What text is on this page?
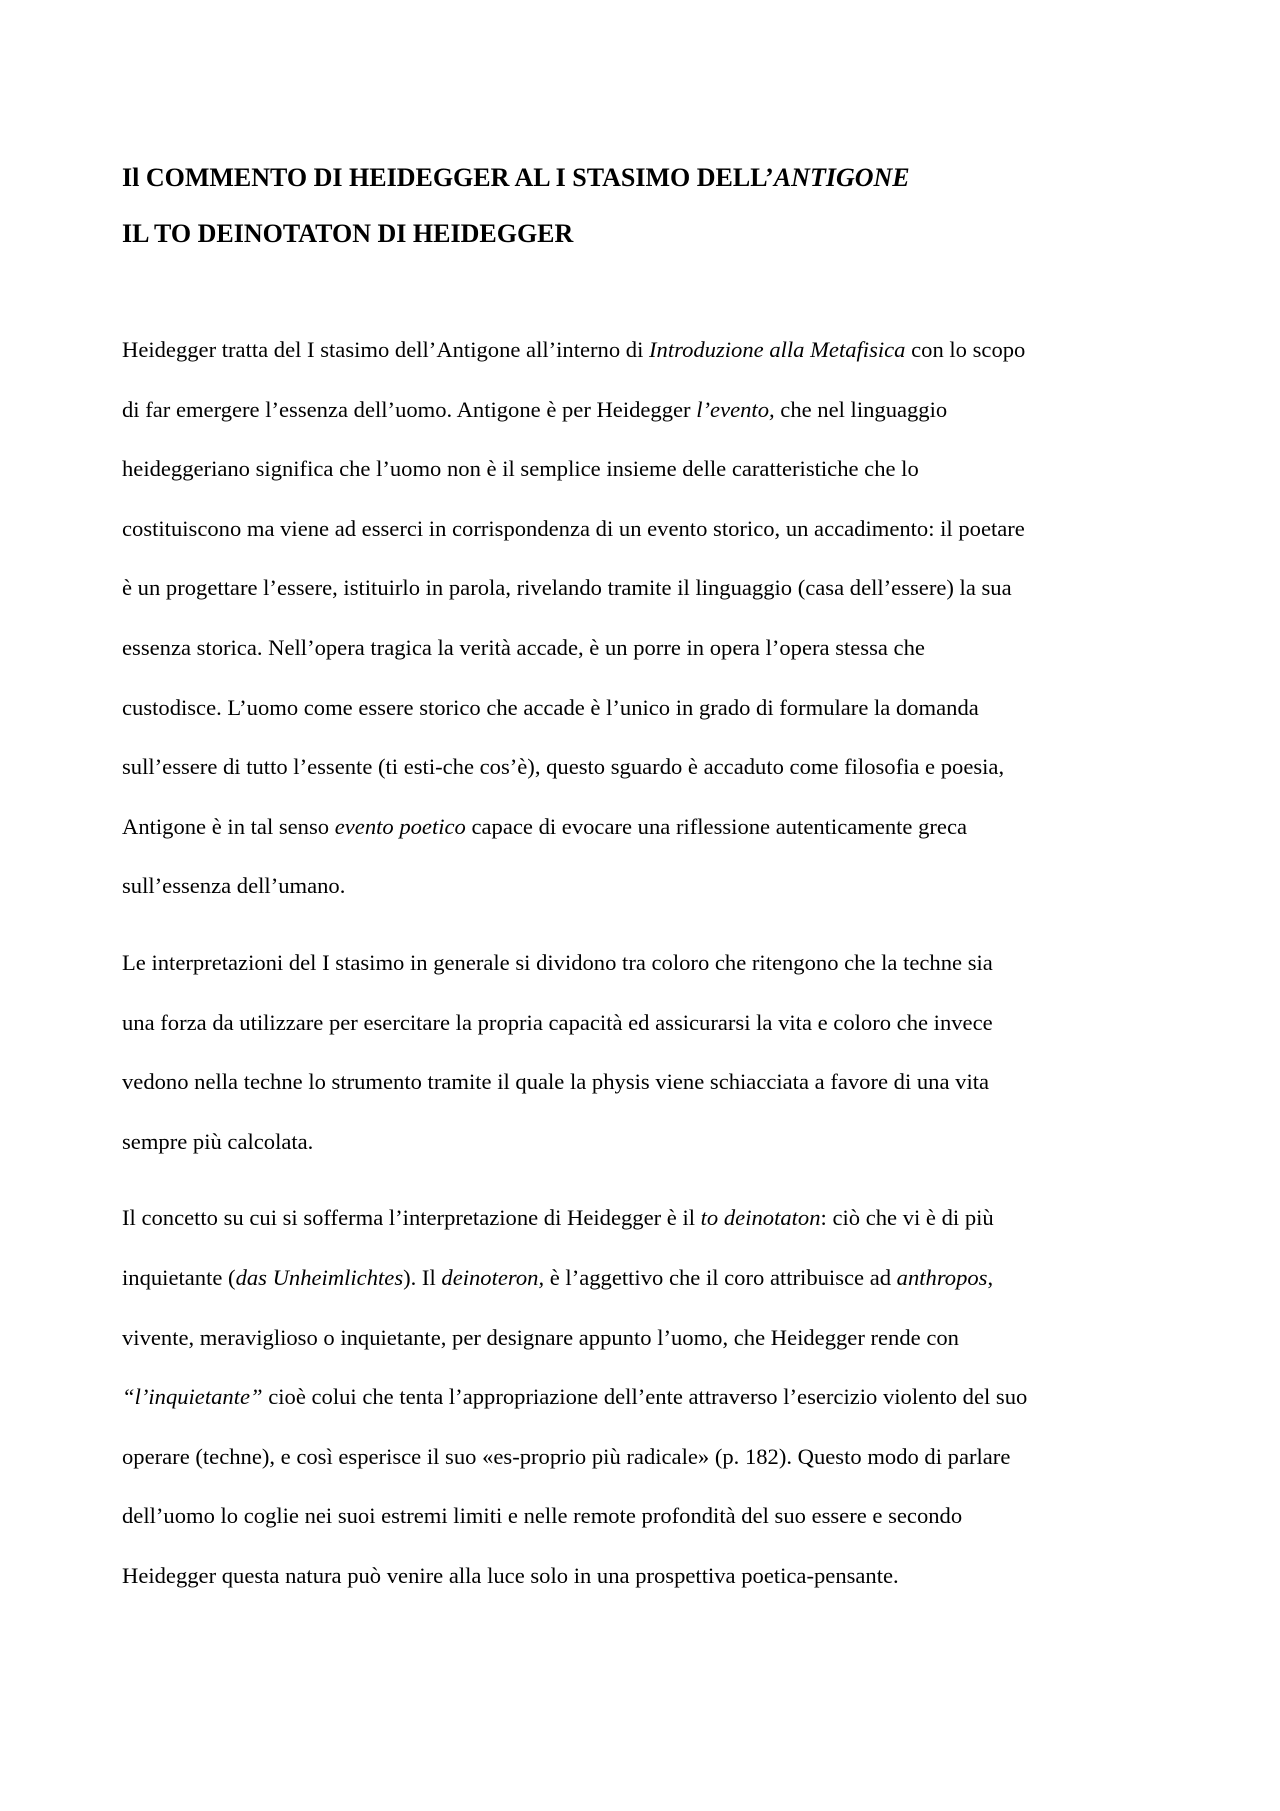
Il COMMENTO DI HEIDEGGER AL I STASIMO DELL’ANTIGONE
IL TO DEINOTATON DI HEIDEGGER

Heidegger tratta del I stasimo dell’Antigone all’interno di Introduzione alla Metafisica con lo scopo
di far emergere l’essenza dell’uomo. Antigone è per Heidegger l’evento, che nel linguaggio
heideggeriano significa che l’uomo non è il semplice insieme delle caratteristiche che lo
costituiscono ma viene ad esserci in corrispondenza di un evento storico, un accadimento: il poetare
è un progettare l’essere, istituirlo in parola, rivelando tramite il linguaggio (casa dell’essere) la sua
essenza storica. Nell’opera tragica la verità accade, è un porre in opera l’opera stessa che
custodisce. L’uomo come essere storico che accade è l’unico in grado di formulare la domanda
sull’essere di tutto l’essente (ti esti-che cos’è), questo sguardo è accaduto come filosofia e poesia,
Antigone è in tal senso evento poetico capace di evocare una riflessione autenticamente greca
sull’essenza dell’umano.

Le interpretazioni del I stasimo in generale si dividono tra coloro che ritengono che la techne sia
una forza da utilizzare per esercitare la propria capacità ed assicurarsi la vita e coloro che invece
vedono nella techne lo strumento tramite il quale la physis viene schiacciata a favore di una vita
sempre più calcolata.

Il concetto su cui si sofferma l’interpretazione di Heidegger è il to deinotaton: ciò che vi è di più
inquietante (das Unheimlichtes). Il deinoteron, è l’aggettivo che il coro attribuisce ad anthropos,
vivente, meraviglioso o inquietante, per designare appunto l’uomo, che Heidegger rende con
“l’inquietante” cioè colui che tenta l’appropriazione dell’ente attraverso l’esercizio violento del suo
operare (techne), e così esperisce il suo «es-proprio più radicale» (p. 182). Questo modo di parlare
dell’uomo lo coglie nei suoi estremi limiti e nelle remote profondità del suo essere e secondo
Heidegger questa natura può venire alla luce solo in una prospettiva poetica-pensante.
